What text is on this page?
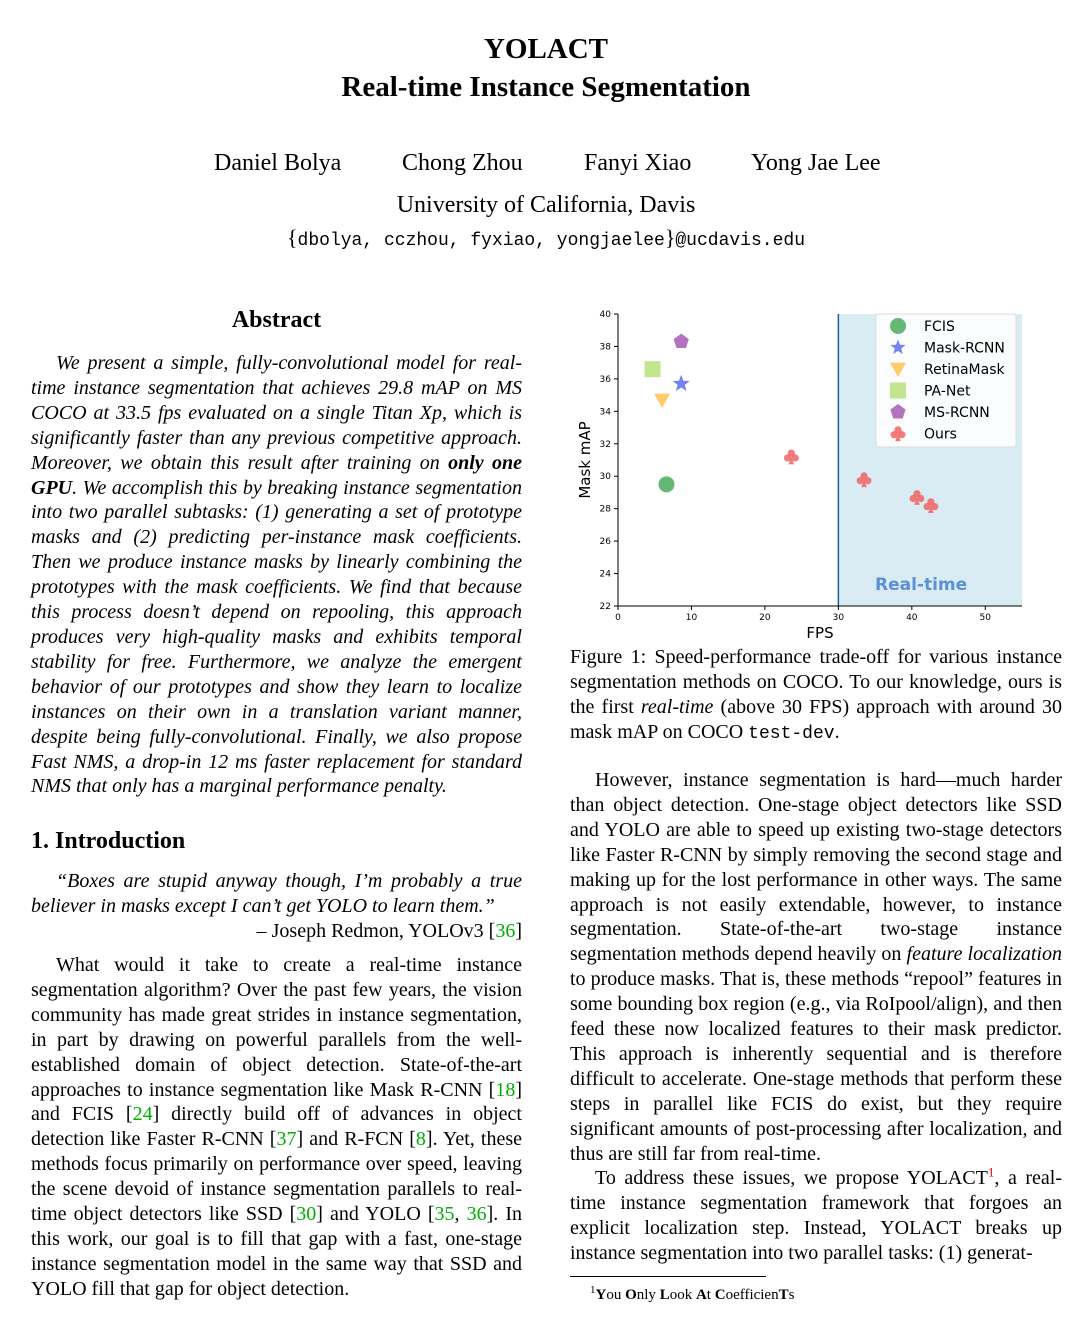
YOLACT
Real-time Instance Segmentation
Daniel Bolya	Chong Zhou	Fanyi Xiao Yong Jae Lee
University of California, Davis
{dbolya, cczhou, fyxiao, yongjaelee}@ucdavis.edu
Abstract
We present a simple, fully-convolutional model for real-time instance segmentation that achieves 29.8 mAP on MS COCO at 33.5 fps evaluated on a single Titan Xp, which is significantly faster than any previous competitive approach. Moreover, we obtain this result after training on only one GPU. We accomplish this by breaking instance segmentation into two parallel subtasks: (1) generating a set of prototype masks and (2) predicting per-instance mask coefficients. Then we produce instance masks by linearly combining the prototypes with the mask coefficients. We find that because this process doesn’t depend on repooling, this approach produces very high-quality masks and exhibits temporal stability for free. Furthermore, we analyze the emergent behavior of our prototypes and show they learn to localize instances on their own in a translation variant manner, despite being fully-convolutional. Finally, we also propose Fast NMS, a drop-in 12 ms faster replacement for standard NMS that only has a marginal performance penalty.
1. Introduction
“Boxes are stupid anyway though, I’m probably a true believer in masks except I can’t get YOLO to learn them.”
– Joseph Redmon, YOLOv3 [36]
What would it take to create a real-time instance segmentation algorithm? Over the past few years, the vision community has made great strides in instance segmentation, in part by drawing on powerful parallels from the well-established domain of object detection. State-of-the-art approaches to instance segmentation like Mask R-CNN [18] and FCIS [24] directly build off of advances in object detection like Faster R-CNN [37] and R-FCN [8]. Yet, these methods focus primarily on performance over speed, leaving the scene devoid of instance segmentation parallels to real-time object detectors like SSD [30] and YOLO [35, 36]. In this work, our goal is to fill that gap with a fast, one-stage instance segmentation model in the same way that SSD and YOLO fill that gap for object detection.
0	10	20	30	40	50
22
24
26
28
30
32
34
36
38
40
Real-time
FPS
Mask mAP
FCIS
Mask-RCNN
RetinaMask
PA-Net
MS-RCNN
Ours
Figure 1: Speed-performance trade-off for various instance segmentation methods on COCO. To our knowledge, ours is the first real-time (above 30 FPS) approach with around 30 mask mAP on COCO test-dev.
However, instance segmentation is hard—much harder than object detection. One-stage object detectors like SSD and YOLO are able to speed up existing two-stage detectors like Faster R-CNN by simply removing the second stage and making up for the lost performance in other ways. The same approach is not easily extendable, however, to instance segmentation. State-of-the-art two-stage instance segmentation methods depend heavily on feature localization to produce masks. That is, these methods “repool” features in some bounding box region (e.g., via RoIpool/align), and then feed these now localized features to their mask predictor. This approach is inherently sequential and is therefore difficult to accelerate. One-stage methods that perform these steps in parallel like FCIS do exist, but they require significant amounts of post-processing after localization, and thus are still far from real-time.
To address these issues, we propose YOLACT$^1$, a real-time instance segmentation framework that forgoes an explicit localization step. Instead, YOLACT breaks up instance segmentation into two parallel tasks: (1) generat-
$^1$You Only Look At CoefficienTs
